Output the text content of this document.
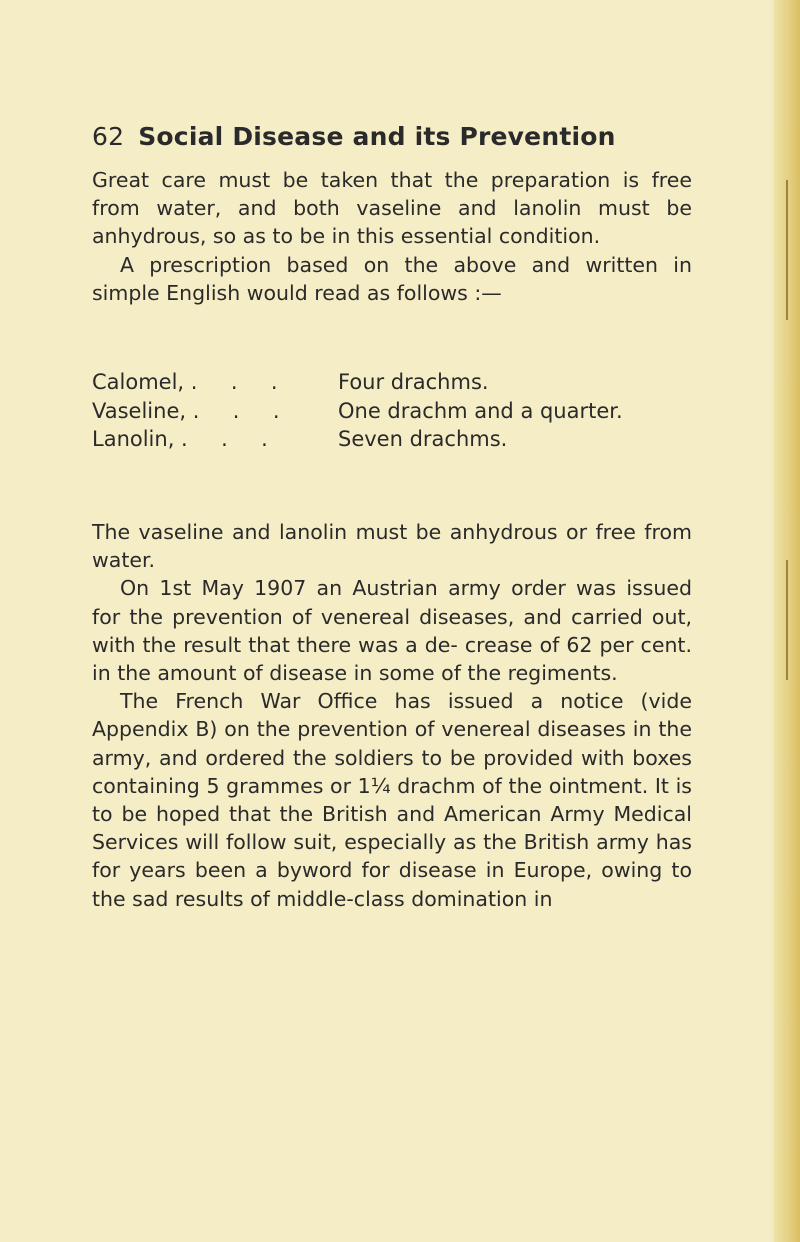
62 Social Disease and its Prevention

Great care must be taken that the preparation is free from water, and both vaseline and lanolin must be anhydrous, so as to be in this essential condition.

A prescription based on the above and written in simple English would read as follows :—

Calomel, .     .     .	Four drachms.
Vaseline, .     .     .	One drachm and a quarter.
Lanolin, .     .     .	Seven drachms.

The vaseline and lanolin must be anhydrous or free from water.

On 1st May 1907 an Austrian army order was issued for the prevention of venereal diseases, and carried out, with the result that there was a de- crease of 62 per cent. in the amount of disease in some of the regiments.

The French War Office has issued a notice (vide Appendix B) on the prevention of venereal diseases in the army, and ordered the soldiers to be provided with boxes containing 5 grammes or 1¼ drachm of the ointment. It is to be hoped that the British and American Army Medical Services will follow suit, especially as the British army has for years been a byword for disease in Europe, owing to the sad results of middle-class domination in
